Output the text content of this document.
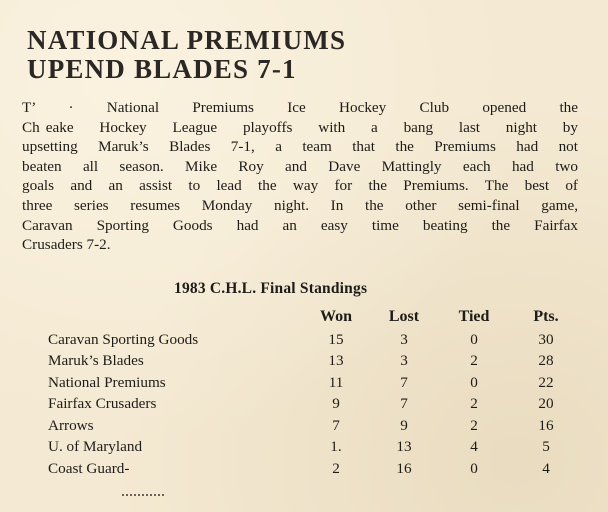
NATIONAL PREMIUMS
UPEND BLADES 7-1
T’ · National Premiums Ice Hockey Club opened the
Ch  eake Hockey League playoffs with a bang last night by
upsetting Maruk’s Blades 7-1, a team that the Premiums had not
beaten all season. Mike Roy and Dave Mattingly each had two
goals and an assist to lead the way for the Premiums. The best of
three series resumes Monday night. In the other semi-final game,
Caravan Sporting Goods had an easy time beating the Fairfax
Crusaders 7-2.
1983 C.H.L. Final Standings
	Won	Lost	Tied	Pts.
Caravan Sporting Goods	15	3	0	30
Maruk’s Blades	13	3	2	28
National Premiums	11	7	0	22
Fairfax Crusaders	9	7	2	20
Arrows	7	9	2	16
U. of Maryland	1.	13	4	5
Coast Guard-	2	16	0	4
